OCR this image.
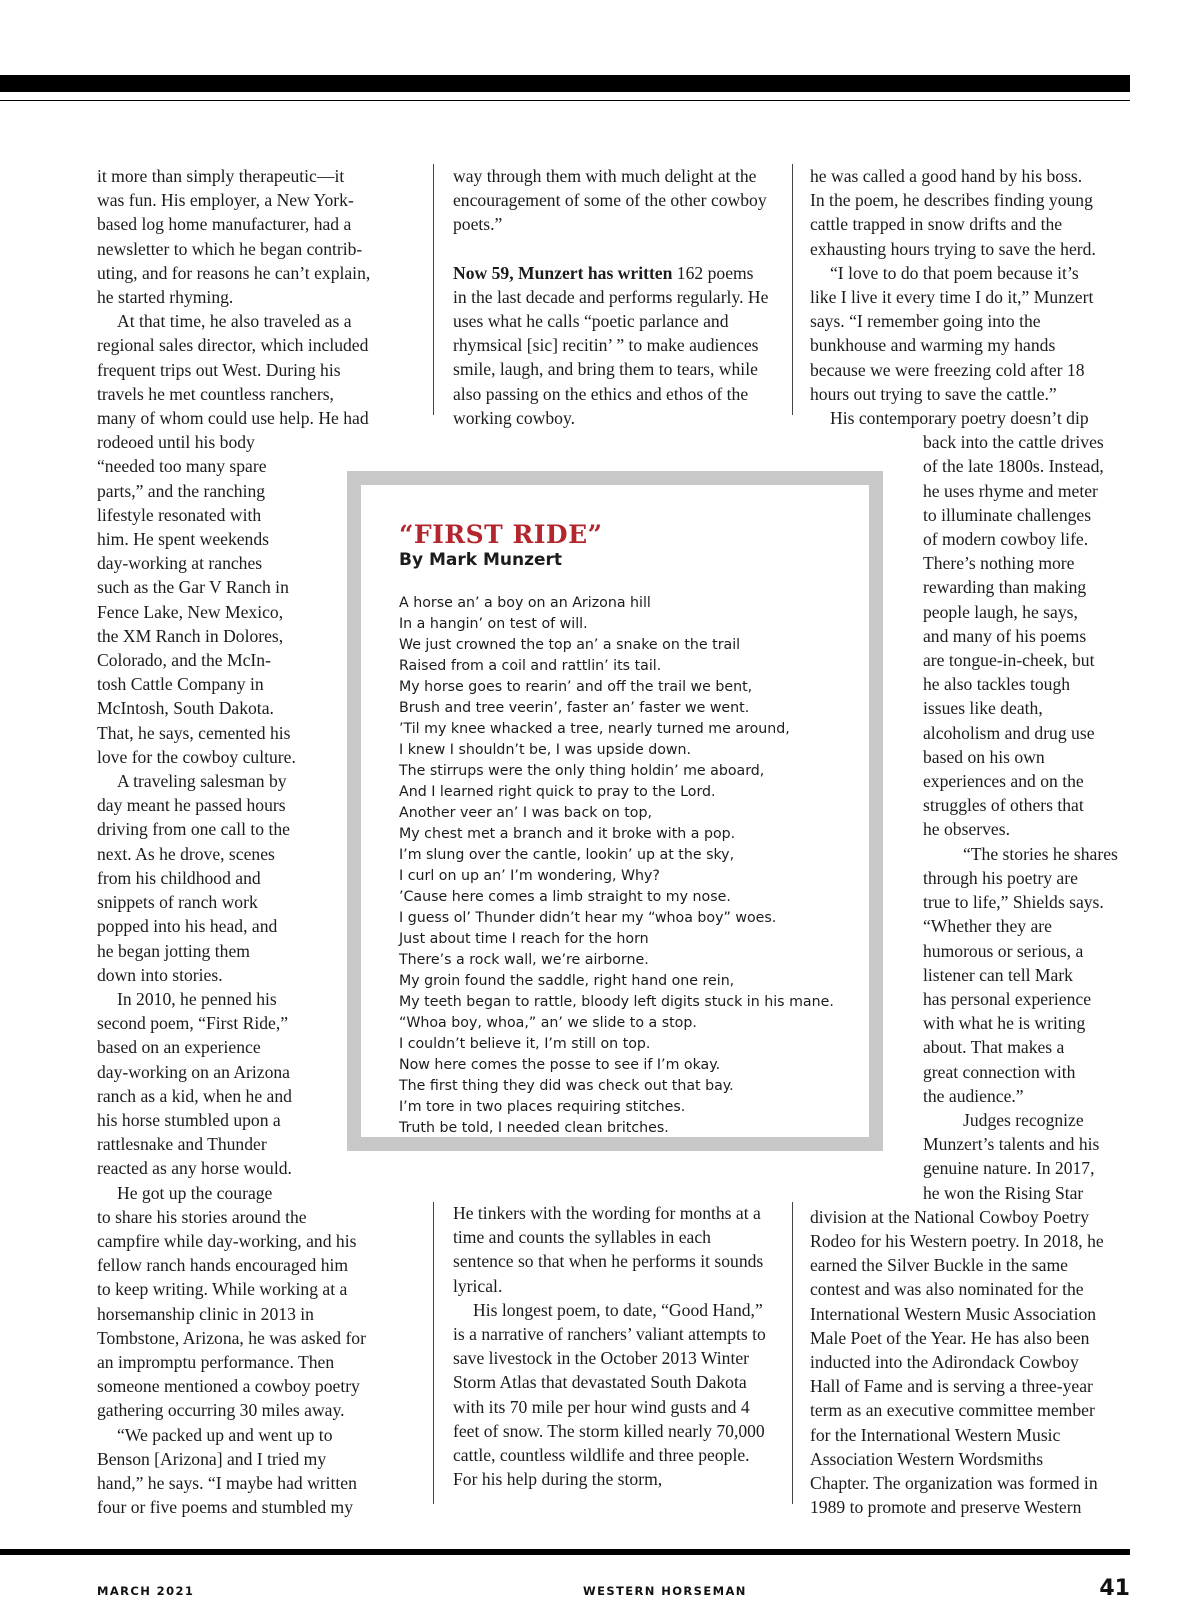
it more than simply therapeutic—it
was fun. His employer, a New York-
based log home manufacturer, had a
newsletter to which he began contrib-
uting, and for reasons he can’t explain,
he started rhyming.

At that time, he also traveled as a
regional sales director, which included
frequent trips out West. During his
travels he met countless ranchers,
many of whom could use help. He had
rodeoed until his body
“needed too many spare
parts,” and the ranching
lifestyle resonated with
him. He spent weekends
day-working at ranches
such as the Gar V Ranch in
Fence Lake, New Mexico,
the XM Ranch in Dolores,
Colorado, and the McIn-
tosh Cattle Company in
McIntosh, South Dakota.
That, he says, cemented his
love for the cowboy culture.

A traveling salesman by
day meant he passed hours
driving from one call to the
next. As he drove, scenes
from his childhood and
snippets of ranch work
popped into his head, and
he began jotting them
down into stories.

In 2010, he penned his
second poem, “First Ride,”
based on an experience
day-working on an Arizona
ranch as a kid, when he and
his horse stumbled upon a
rattlesnake and Thunder
reacted as any horse would.

He got up the courage
to share his stories around the
campfire while day-working, and his
fellow ranch hands encouraged him
to keep writing. While working at a
horsemanship clinic in 2013 in
Tombstone, Arizona, he was asked for
an impromptu performance. Then
someone mentioned a cowboy poetry
gathering occurring 30 miles away.

“We packed up and went up to
Benson [Arizona] and I tried my
hand,” he says. “I maybe had written
four or five poems and stumbled my

way through them with much delight at the encouragement of some of the other cowboy poets.”

Now 59, Munzert has written 162 poems in the last decade and performs regularly. He uses what he calls “poetic parlance and rhymsical [sic] recitin’ ” to make audiences smile, laugh, and bring them to tears, while also passing on the ethics and ethos of the working cowboy.

He tinkers with the wording for months at a time and counts the syllables in each sentence so that when he performs it sounds lyrical.

His longest poem, to date, “Good Hand,” is a narrative of ranchers’ valiant attempts to save livestock in the October 2013 Winter Storm Atlas that devastated South Dakota with its 70 mile per hour wind gusts and 4 feet of snow. The storm killed nearly 70,000 cattle, countless wildlife and three people. For his help during the storm,

he was called a good hand by his boss.
In the poem, he describes finding young
cattle trapped in snow drifts and the
exhausting hours trying to save the herd.

“I love to do that poem because it’s
like I live it every time I do it,” Munzert
says. “I remember going into the
bunkhouse and warming my hands
because we were freezing cold after 18
hours out trying to save the cattle.”

His contemporary poetry doesn’t dip
back into the cattle drives
of the late 1800s. Instead,
he uses rhyme and meter
to illuminate challenges
of modern cowboy life.
There’s nothing more
rewarding than making
people laugh, he says,
and many of his poems
are tongue-in-cheek, but
he also tackles tough
issues like death,
alcoholism and drug use
based on his own
experiences and on the
struggles of others that
he observes.

“The stories he shares
through his poetry are
true to life,” Shields says.
“Whether they are
humorous or serious, a
listener can tell Mark
has personal experience
with what he is writing
about. That makes a
great connection with
the audience.”

Judges recognize
Munzert’s talents and his
genuine nature. In 2017,
he won the Rising Star
division at the National Cowboy Poetry
Rodeo for his Western poetry. In 2018, he
earned the Silver Buckle in the same
contest and was also nominated for the
International Western Music Association
Male Poet of the Year. He has also been
inducted into the Adirondack Cowboy
Hall of Fame and is serving a three-year
term as an executive committee member
for the International Western Music
Association Western Wordsmiths
Chapter. The organization was formed in
1989 to promote and preserve Western

“FIRST RIDE”
By Mark Munzert
A horse an’ a boy on an Arizona hill
In a hangin’ on test of will.
We just crowned the top an’ a snake on the trail
Raised from a coil and rattlin’ its tail.
My horse goes to rearin’ and off the trail we bent,
Brush and tree veerin’, faster an’ faster we went.
’Til my knee whacked a tree, nearly turned me around,
I knew I shouldn’t be, I was upside down.
The stirrups were the only thing holdin’ me aboard,
And I learned right quick to pray to the Lord.
Another veer an’ I was back on top,
My chest met a branch and it broke with a pop.
I’m slung over the cantle, lookin’ up at the sky,
I curl on up an’ I’m wondering, Why?
’Cause here comes a limb straight to my nose.
I guess ol’ Thunder didn’t hear my “whoa boy” woes.
Just about time I reach for the horn
There’s a rock wall, we’re airborne.
My groin found the saddle, right hand one rein,
My teeth began to rattle, bloody left digits stuck in his mane.
“Whoa boy, whoa,” an’ we slide to a stop.
I couldn’t believe it, I’m still on top.
Now here comes the posse to see if I’m okay.
The first thing they did was check out that bay.
I’m tore in two places requiring stitches.
Truth be told, I needed clean britches.
MARCH 2021	WESTERN HORSEMAN	41
